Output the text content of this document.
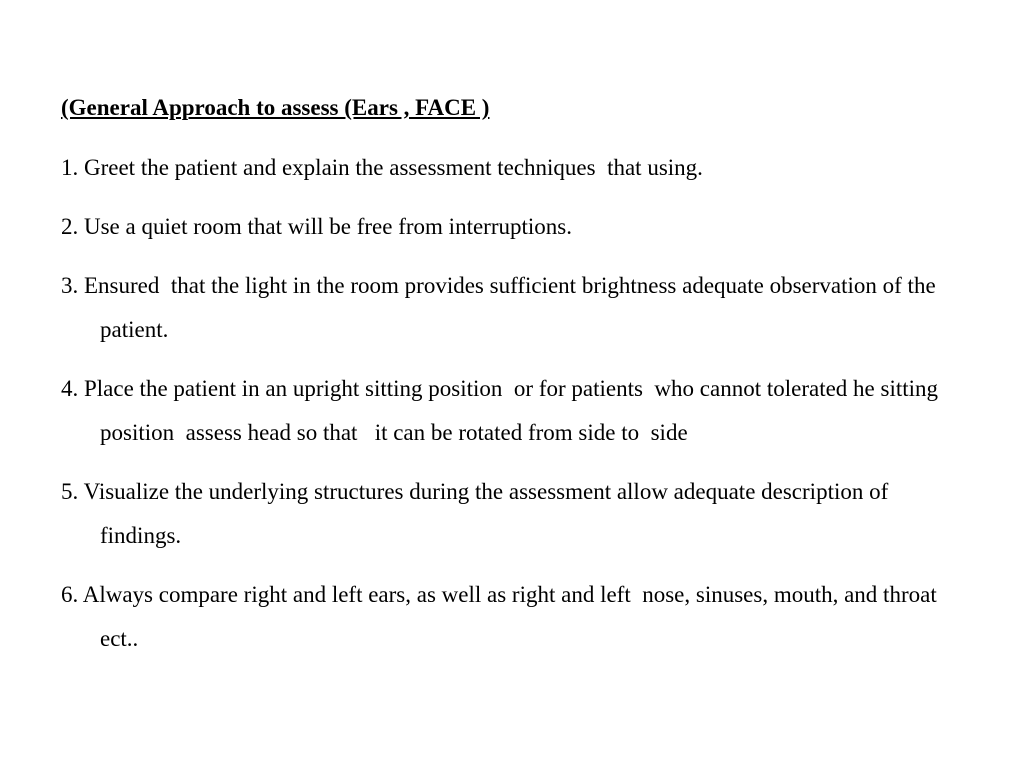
(General Approach to assess (Ears , FACE )
1. Greet the patient and explain the assessment techniques  that using.
2. Use a quiet room that will be free from interruptions.
3. Ensured  that the light in the room provides sufficient brightness adequate observation of the patient.
4. Place the patient in an upright sitting position  or for patients  who cannot tolerated he sitting position  assess head so that   it can be rotated from side to  side
5. Visualize the underlying structures during the assessment allow adequate description of findings.
6. Always compare right and left ears, as well as right and left  nose, sinuses, mouth, and throat  ect..
